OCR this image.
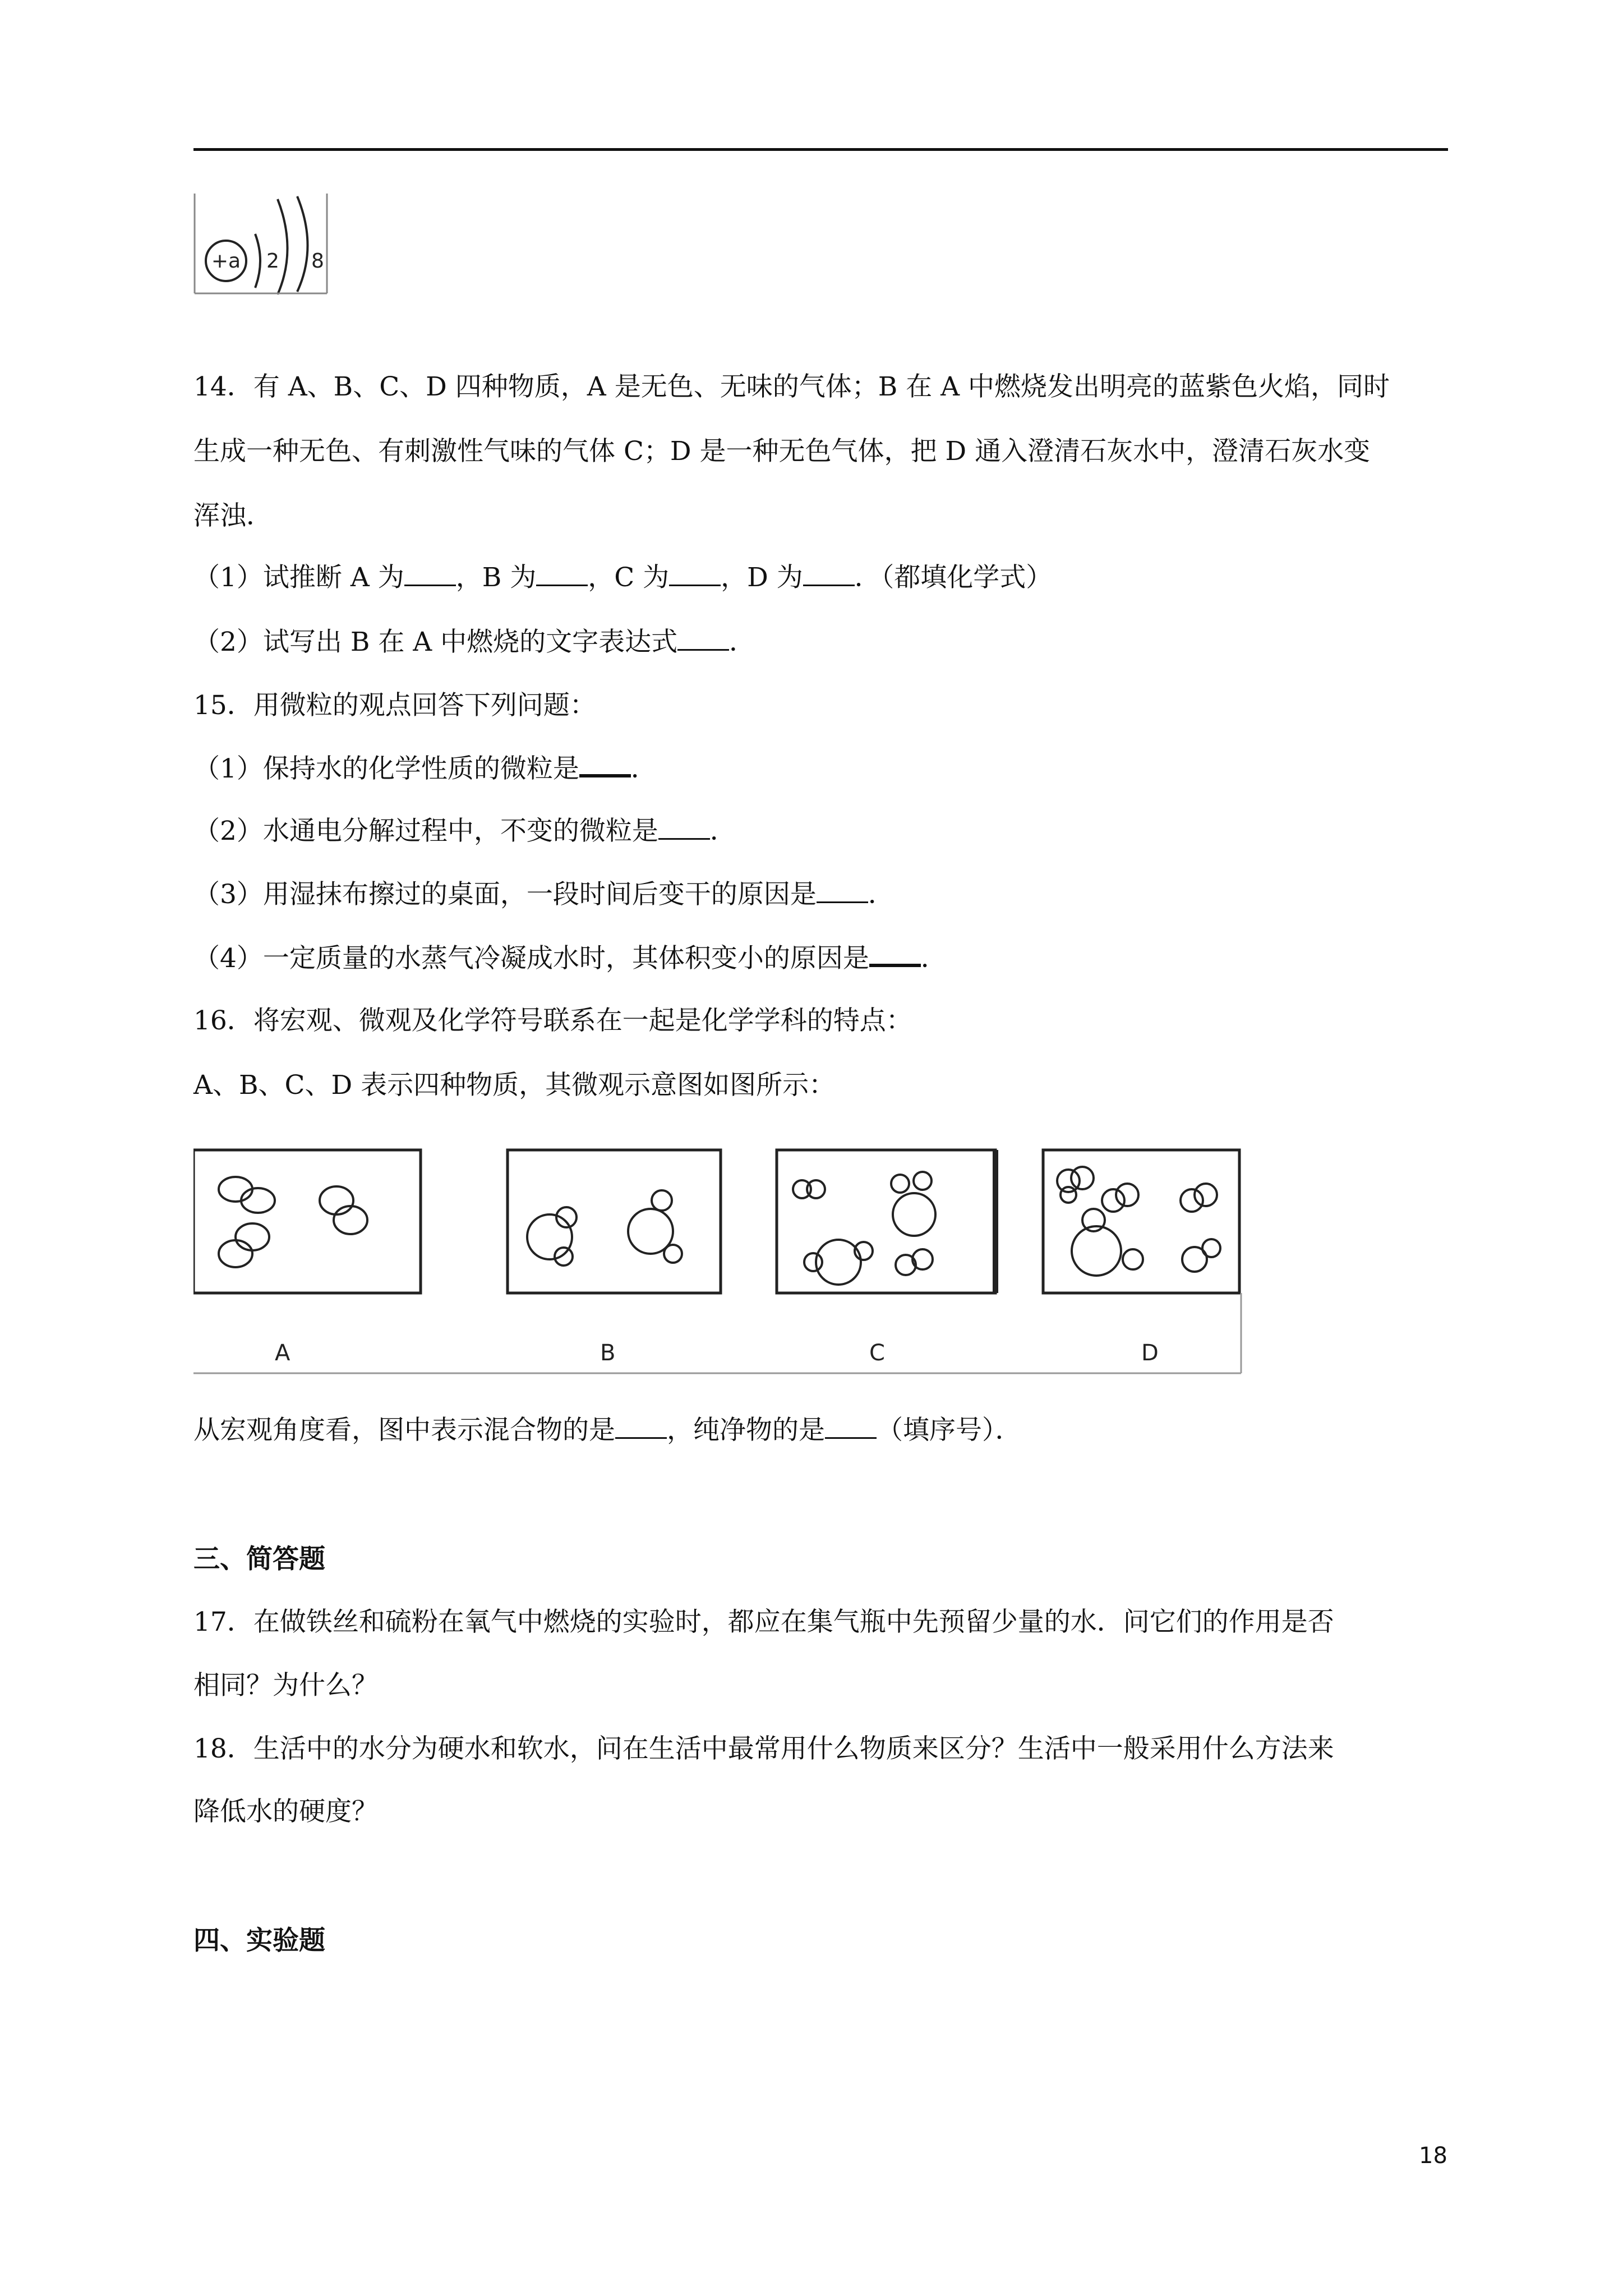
+a 2 8
14．有 A、B、C、D 四种物质，A 是无色、无味的气体；B 在 A 中燃烧发出明亮的蓝紫色火焰，同时
生成一种无色、有刺激性气味的气体 C；D 是一种无色气体，把 D 通入澄清石灰水中，澄清石灰水变
浑浊．
（1）试推断 A 为 ，B 为 ，C 为 ，D 为 ．（都填化学式）
（2）试写出 B 在 A 中燃烧的文字表达式 ．
15．用微粒的观点回答下列问题：
（1）保持水的化学性质的微粒是 ．
（2）水通电分解过程中，不变的微粒是 ．
（3）用湿抹布擦过的桌面，一段时间后变干的原因是 ．
（4）一定质量的水蒸气冷凝成水时，其体积变小的原因是 ．
16．将宏观、微观及化学符号联系在一起是化学学科的特点：
A、B、C、D 表示四种物质，其微观示意图如图所示：
A	B	C	D
从宏观角度看，图中表示混合物的是 ，纯净物的是 （填序号）．
三、简答题
17．在做铁丝和硫粉在氧气中燃烧的实验时，都应在集气瓶中先预留少量的水．问它们的作用是否
相同？为什么？
18．生活中的水分为硬水和软水，问在生活中最常用什么物质来区分？生活中一般采用什么方法来
降低水的硬度？
四、实验题
18
